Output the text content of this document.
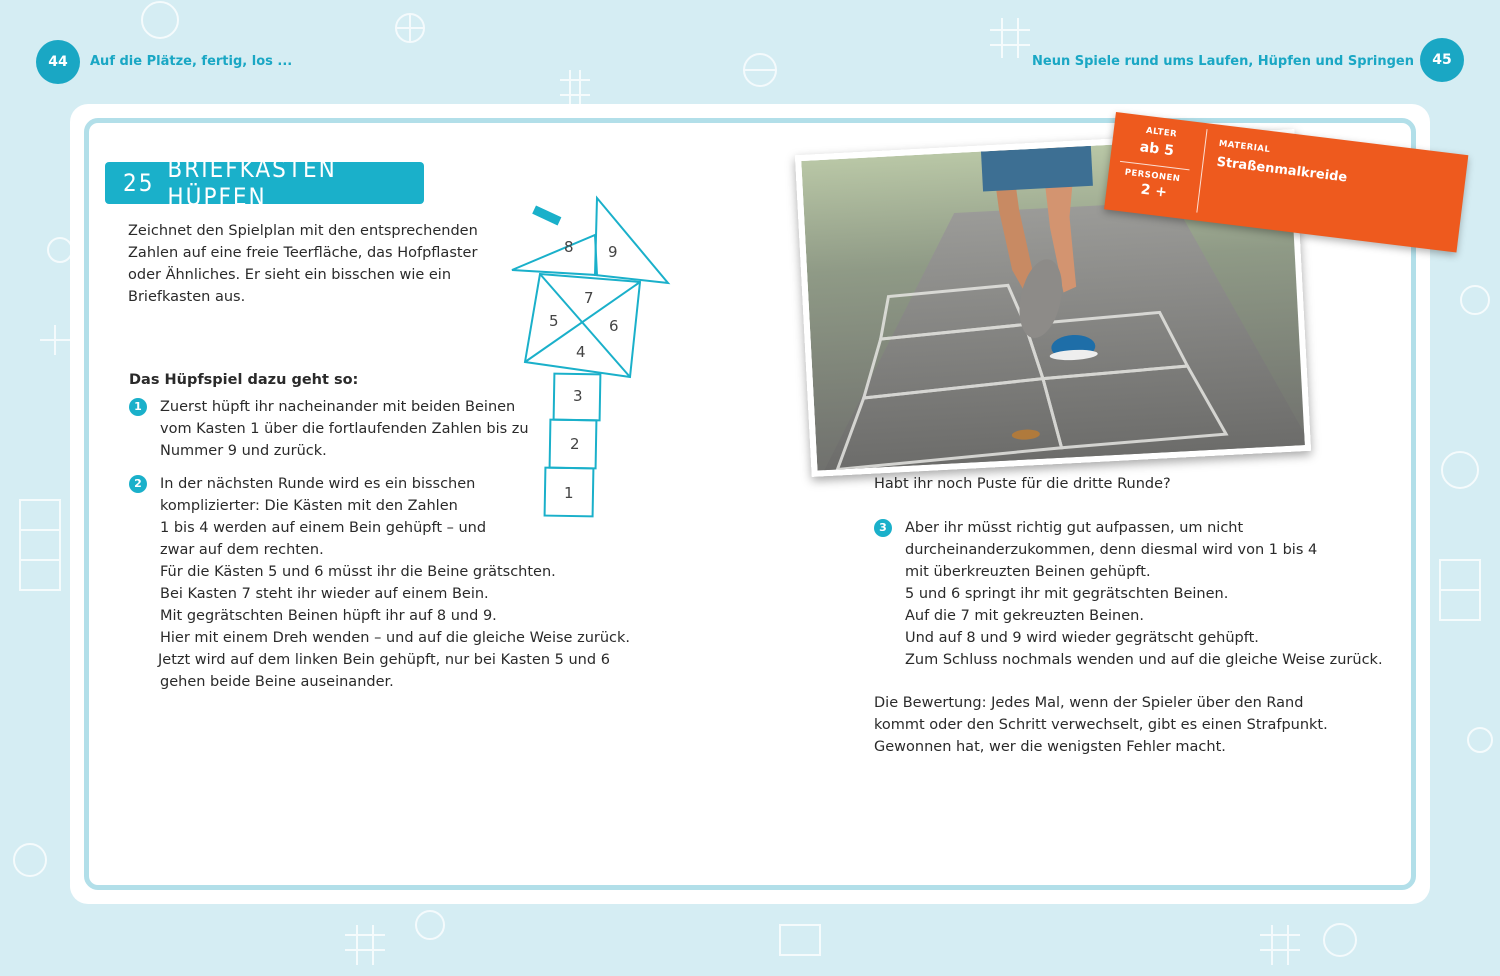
44	Auf die Plätze, fertig, los ...	Neun Spiele rund ums Laufen, Hüpfen und Springen	45
25 BRIEFKASTEN HÜPFEN
Zeichnet den Spielplan mit den entsprechenden
Zahlen auf eine freie Teerfläche, das Hofpflaster
oder Ähnliches. Er sieht ein bisschen wie ein
Briefkasten aus.
8 9
7
5	6
4
3
2
1
Das Hüpfspiel dazu geht so:
1	Zuerst hüpft ihr nacheinander mit beiden Beinen

vom Kasten 1 über die fortlaufenden Zahlen bis zu

Nummer 9 und zurück.

2	In der nächsten Runde wird es ein bisschen

komplizierter: Die Kästen mit den Zahlen

1 bis 4 werden auf einem Bein gehüpft – und

zwar auf dem rechten.

Für die Kästen 5 und 6 müsst ihr die Beine grätschten.

Bei Kasten 7 steht ihr wieder auf einem Bein.

Mit gegrätschten Beinen hüpft ihr auf 8 und 9.

Hier mit einem Dreh wenden – und auf die gleiche Weise zurück.

Jetzt wird auf dem linken Bein gehüpft, nur bei Kasten 5 und 6

gehen beide Beine auseinander.

ALTER
ab 5
PERSONEN
2 +
MATERIAL
Straßenmalkreide
Habt ihr noch Puste für die dritte Runde?
3	Aber ihr müsst richtig gut aufpassen, um nicht

durcheinanderzukommen, denn diesmal wird von 1 bis 4

mit überkreuzten Beinen gehüpft.

5 und 6 springt ihr mit gegrätschten Beinen.

Auf die 7 mit gekreuzten Beinen.

Und auf 8 und 9 wird wieder gegrätscht gehüpft.

Zum Schluss nochmals wenden und auf die gleiche Weise zurück.

Die Bewertung: Jedes Mal, wenn der Spieler über den Rand
kommt oder den Schritt verwechselt, gibt es einen Strafpunkt.
Gewonnen hat, wer die wenigsten Fehler macht.
